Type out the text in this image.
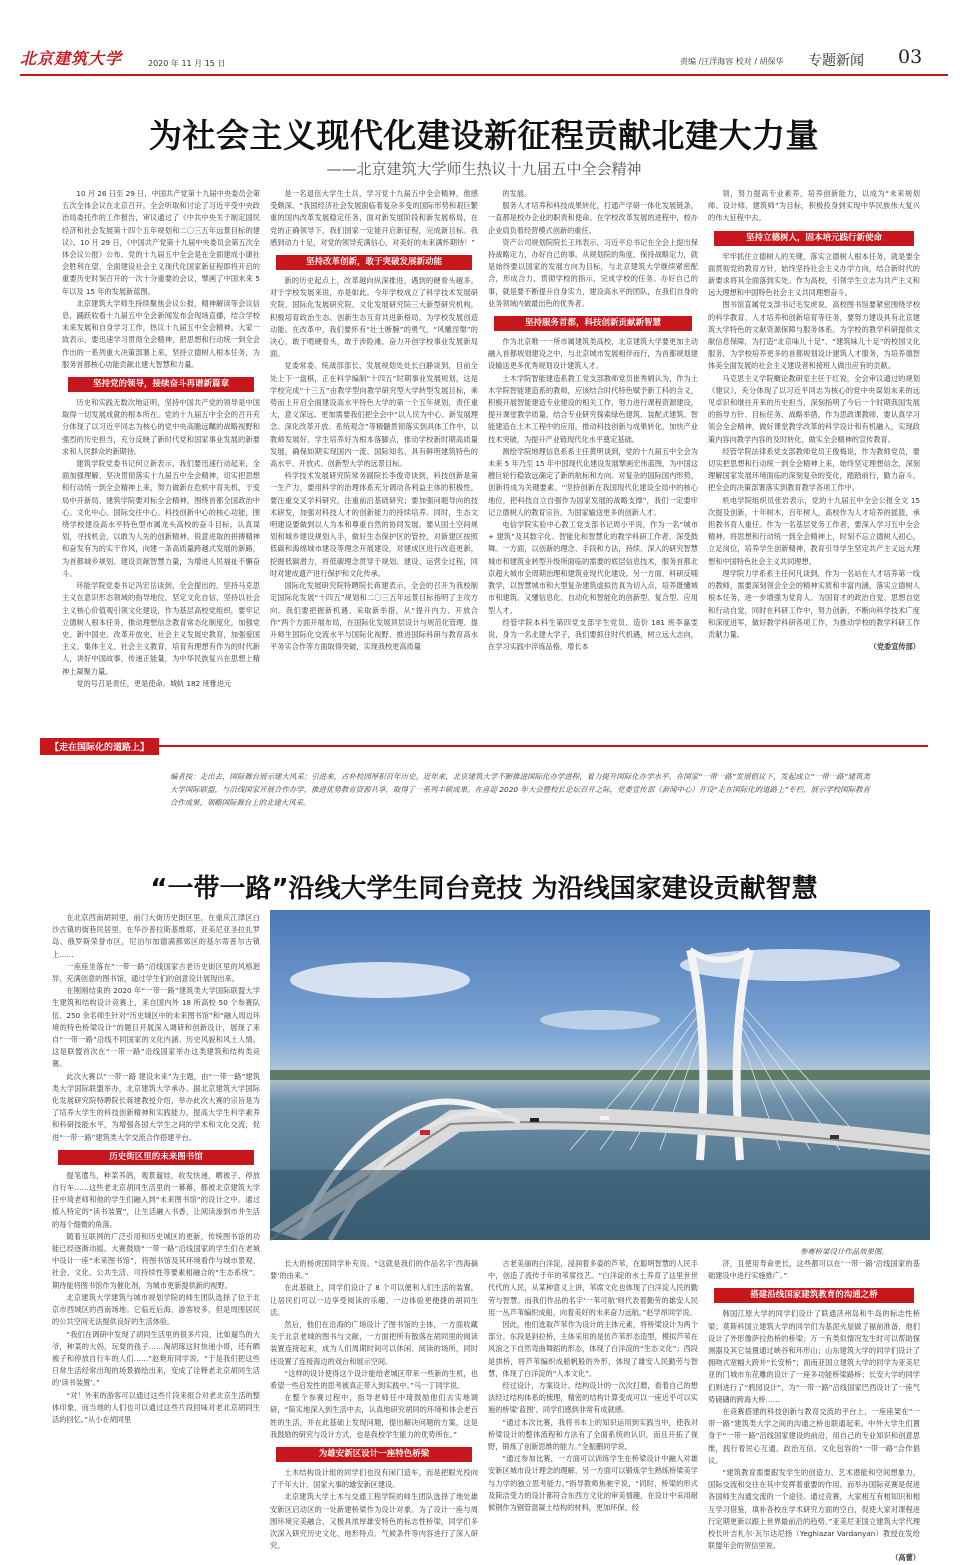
北京建筑大学	2020 年 11 月 15 日	责编 /汪洋海容 校对 / 胡保华 专题新闻 03
为社会主义现代化建设新征程贡献北建大力量
——北京建筑大学师生热议十九届五中全会精神

10 月 26 日至 29 日，中国共产党第十九届中央委员会第五次全体会议在北京召开。全会听取和讨论了习近平受中央政治局委托作的工作报告，审议通过了《中共中央关于制定国民经济和社会发展第十四个五年规划和二〇三五年远景目标的建议》。10 月 29 日，《中国共产党第十九届中央委员会第五次全体会议公报》公布。党的十九届五中全会是在全面建成小康社会胜利在望、全面建设社会主义现代化国家新征程即将开启的重要历史时刻召开的一次十分重要的会议，擘画了中国未来 5 年以及 15 年的发展新蓝图。

北京建筑大学师生持续聚焦会议公报，精神解读等会议信息，踊跃收看十九届五中全会新闻发布会现场直播，结合学校未来发展和自身学习工作，热议十九届五中全会精神。大家一致表示，要迅速学习贯彻全会精神，把思想和行动统一到全会作出的一系列重大决策部署上来，坚持立德树人根本任务，为服务首都核心功能贡献北建大智慧和力量。

坚持党的领导，接续奋斗再谱新篇章

历史和实践无数次地证明，坚持中国共产党的领导是中国取得一切发展成就的根本所在。党的十九届五中全会的召开充分体现了以习近平同志为核心的党中央高瞻远瞩的战略视野和强烈的历史担当，充分反映了新时代党和国家事业发展的新要求和人民群众的新期待。

建筑学院党委书记何立新表示，我们要迅速行动起来，全面加强理解、坚决贯彻落实十九届五中全会精神，切实把思想和行动统一到全会精神上来，努力做新在危机中育先机，于变局中开新局。建筑学院要对标全会精神，围绕首都全国政治中心、文化中心、国际交往中心、科技创新中心的核心功能，围绕学校建设高水平特色型市属龙头高校的奋斗目标，认真谋划，寻找机会，以敢为人先的创新精神，锐意进取的拼搏精神和奋发有为的实干作风，向建一条高质量跨越式发展的新路，为首都城乡规划、建设贡献智慧力量，为增进人民福祉不懈奋斗。

环能学院党委书记冯宏岳谈到，全会提出的，坚持马克思主义在意识形态领域的指导地位，坚定文化自信，坚持以社会主义核心价值观引领文化建设，作为基层高校党组织，要牢记立德树人根本任务，推动理想信念教育常态化制度化，加强党史、新中国史、改革开放史、社会主义发展史教育，加强爱国主义、集体主义、社会主义教育，培育有理想有作为的时代新人，讲好中国故事，传递正能量，为中华民族复兴在思想上精神上凝聚力量。

党的号召是责任，更是使命。城轨 182 班雅进元

是一名退伍大学生士兵，学习党十九届五中全会精神，他感受颇深。“我国经济社会发展面临着复杂多变的国际形势和艰巨繁重的国内改革发展稳定任务，面对新发展阶段和新发展格局，在党的正确领导下，我们国家一定能开启新征程，完成新目标。我感到动力十足，对党的领导充满信心，对美好的未来满怀期待！”

坚持改革创新，敢于突破发展新动能

新的历史起点上，改革越向纵深推进，遇到的硬骨头越多。对于学校发展来说，亦是如此。今年学校成立了科学技术发展研究院、国际化发展研究院、文化发展研究院三大新型研究机构，积极培育政治生态、创新生态互育共进新格局，为学校发展创造动能。在改革中，我们要怀有“壮士断腕”的勇气、“风雕涅槃”的决心，敢于啃硬骨头，敢于涉险滩，奋力开创学校事业发展新局面。

党委常委、统战部部长、发展规划处处长白静谈到，目前全处上下一盘棋，正在科学编制“十四五”时期事业发展规划，这是学校完成“十三五”由教学型向教学研究型大学转型发展目标，乘势而上开启全面建设高水平特色大学的第一个五年规划，责任重大，意义深远。更加需要我们把全会中“以人民为中心、新发展理念、深化改革开放、系统观念”等精髓贯彻落实到具体工作中，以教师发展好、学生培养好为根本落脚点，推动学校新时期高质量发展，确保如期实现国内一流、国际知名、具有鲜明建筑特色的高水平、开放式、创新型大学的远景目标。

科学技术发展研究院常务副院长李俊奇谈到，科技创新是第一生产力，要用科学的治理体系充分调动各利益主体的积极性，要注重交叉学科研究，注重前沿基础研究；要加强问题导向的技术研发，加强对科技人才的创新能力的持续培养。同时，生态文明建设要做到以人为本和尊重自然的协同发展。要从国土空间规划和城乡建设规划入手，做好生态保护区的管控，对新建区按照低碳和海绵城市建设等理念开展建设，对建成区进行改造更新，挖掘低碳潜力，将低碳理念贯穿于规划、建设、运营全过程，同时对建成遗产进行保护和文化传承。

国际化发展研究院特聘院长蒋建表示，全会的召开为我校制定国际化发展“十四五”规划和二〇三五年远景目标指明了主攻方向。我们要把握新机遇、采取新举措，从“提升内力、开放合作”两个方面开展布局，在国际化发展顶层设计与规范化管理、提升师生国际化交流水平与国际化视野、推进国际科研与教育高水平务实合作等方面取得突破，实现我校更高质量

的发展。

服务人才培养和科技成果转化，打通产学研一体化发展链条，一直都是校办企业的职责和使命。在学校改革发展的进程中，校办企业肩负着经营模式创新的重任。

资产公司规划院院长王玮表示，习近平总书记在全会上提出保持战略定力，办好自己的事。从规划院的角度，保持战略定力，就是始终要以国家的发展方向为目标，与北京建筑大学继续紧密配合，形成合力，贯彻学校的指示，完成学校的任务。办好自己的事，就是要不断提升自身实力，建设高水平的团队，在我们自身的业务领域内做最出色的优秀者。

坚持服务首都，科技创新贡献新智慧

作为北京唯一一所市属建筑类高校，北京建筑大学要更加主动融入首都规划建设之中，与北京城市发展相伴而行，为首都规划建设输送更多优秀规划设计建筑人才。

土木学院智能建造系教工党支部教师党员崔秀娟认为，作为土木学院智能建造系的教师，应该结合时代特色赋予新工科的含义，积极开展智能建造专业建设的相关工作，努力进行课程资源建设，提升课堂教学质量，结合专业研究探索绿色建筑、装配式建筑、智能建造在土木工程中的应用，推动科技创新与成果转化，加快产业技术突破，为提升产业链现代化水平奠定基础。

测绘学院地理信息系系主任黄明谈到，党的十九届五中全会为未来 5 年乃至 15 年中国现代化建设发展擘画宏伟蓝图，为中国这艘巨轮行稳致远确定了新的航标和方向。对复杂的国际国内形势，创新将成为关键要素。“坚持创新在我国现代化建设全局中的核心地位，把科技自立自强作为国家发展的战略支撑”，我们一定要牢记立德树人的教育宗旨，为国家输送更多的创新人才。

电信学院实验中心教工党支部书记周小平说，作为一名“城市 + 建筑”及其数字化、智能化和智慧化的教学科研工作者，深受鼓舞。一方面，以创新的理念、手段和方法，持续、深入的研究智慧城市和建筑业转型升级所面临的需要的底层信息技术，服务首都北京超大城市全周期治理和建筑业现代化建设。另一方面，科研反哺教学，以智慧城市和大型复杂建筑虚拟仿真为切入点，培养既懂城市和建筑、又懂信息化、自动化和智能化的创新型、复合型、应用型人才。

经管学院本科生第四党支部学生党员、造价 181 班李嘉雯说，身为一名北建大学子，我们要抓住时代机遇，树立远大志向，在学习实践中淬炼品格，增长本

领，努力提高专业素养，培养创新能力，以成为“未来规划师、设计师、建筑师”为目标，积极投身到实现中华民族伟大复兴的伟大征程中去。

坚持立德树人，固本培元践行新使命

牢牢抓住立德树人的关键，落实立德树人根本任务，就是要全面贯彻党的教育方针，始终坚持社会主义办学方向，结合新时代的新要求将其全面落到实处。作为高校，引领学生立志为共产主义和远大理想和中国特色社会主义共同理想奋斗。

图书馆直属党支部书记毛发虎说，高校图书馆要紧密围绕学校的科学教育、人才培养和创新培育等任务，要努力建设具有北京建筑大学特色的文献资源保障与服务体系。为学校的教学科研提供文献信息保障，为打造“北京味儿十足”、“建筑味儿十足”的校园文化服务，为学校培养更多的首都规划设计建筑人才服务，为培养德智体美全面发展的社会主义建设者和接班人做出应有的贡献。

马克思主义学院概论教研室主任于红说，全会审议通过的规划《建议》，充分体现了以习近平同志为核心的党中央谋划未来的远见卓识和继往开来的历史担当，深刻指明了今后一个时期我国发展的指导方针、目标任务、战略举措。作为思政课教师，要认真学习领会全会精神，做好课堂教学改革的科学设计和有机融入，实现政策内容向教学内容的及时转化，做实全会精神的宣传教育。

经管学院法律系党支部教师党员王俊梅说，作为教师党员，要切实把思想和行动统一到全会精神上来，始终坚定理想信念，深刻理解国家发展环境面临的深刻复杂的变化，踏踏前行，勤力奋斗，把全会的决策部署落实到教育教学各项工作中。

机电学院组织员张岩表示，党的十九届五中全会公报全文 15 次提及创新，十年树木，百年树人，高校作为人才培养的摇篮，承担教书育人重任。作为一名基层党务工作者，要深入学习五中全会精神，将思想和行动统一到全会精神上，时刻不忘立德树人初心，立足岗位，培养学生创新精神，教育引导学生坚定共产主义远大理想和中国特色社会主义共同理想。

理学院力学系系主任何凡谈到，作为一名站在人才培养第一线的教师，需要深刻领会全会的精神实质和丰富内涵，落实立德树人根本任务，进一步增强为党育人、为国育才的政治自觉、思想自觉和行动自觉，同时在科研工作中，努力创新，不断向科学技术广度和深度进军，做好教学科研各项工作，为推动学校的教学科研工作贡献力量。

（党委宣传部）

【走在国际化的道路上】
编者按：走出去，国际舞台展示建大风采；引进来，古朴校园厚积百年历史。近年来，北京建筑大学不断推进国际化办学进程，着力提升国际化办学水平。在国家“一带一路”发展倡议下，发起成立“一带一路”建筑类大学国际联盟，与沿线国家开展合作办学，推进优势教育资源共享，取得了一系列丰硕成果。在喜迎 2020 年大会暨校长论坛召开之际，党委宣传部（新闻中心）开设“走在国际化的道路上”专栏，展示学校国际教育合作成果，领略国际舞台上的北建大风采。
“一带一路”沿线大学生同台竞技 为沿线国家建设贡献智慧
参赛桥梁设计作品效果图。

在北京西南胡同里，前门大街历史街区里，在重庆江津区白沙古镇的街巷民居里，在华沙普拉斯基维耶，亚美尼亚圣拉扎罗岛、俄罗斯荣誉市区，尼泊尔加德满都郊区的基尔蒂普尔古镇上……

一座座坐落在“一带一路”沿线国家古老历史街区里的风格迥异、充满创意的图书馆，通过学生们的创意设计展现出来。

在刚刚结束的 2020 年“一带一路”建筑类大学国际联盟大学生建筑和结构设计竞赛上，来自国内外 18 所高校 50 个参赛队伍、250 余名师生针对“历史城区中的未来图书馆”和“融入周边环境的特色桥梁设计”的题目开展深入调研和创新设计，展现了来自“一带一路”沿线不同国家的文化内涵、历史风貌和风土人情。这是联盟首次在“一带一路”沿线国家举办这类建筑和结构类竞赛。

此次大赛以“一带一路 建设未来”为主题，由“一带一路”建筑类大学国际联盟举办，北京建筑大学承办。据北京建筑大学国际化发展研究院特聘院长蒋建教授介绍，举办此次大赛的宗旨是为了培养大学生的科技创新精神和实践能力，提高大学生科学素养和科研技能水平，为增强各国大学生之间的学术和文化交流，促进“一带一路”建筑类大学交流合作搭建平台。

历史街区里的未来图书馆

提笔遣鸟，种菜养鸽，观景遛娃，收发快递，晒被子、停放自行车……这些老北京胡同生活里的一幕幕，都被北京建筑大学任中琦老师和他的学生们融入到“未来图书馆”的设计之中。通过植入特定的“读书装置”，让生活融入书香，让阅读渗到市井生活的每个细微的角落。

随着互联网的广泛引用和历史城区的更新，传统图书馆的功能已经逐渐动摇。大赛鼓励“一带一路”沿线国家的学生们在老城中设计一座“未来图书馆”，将图书馆及其环境看作与城市景观、社会、文化、公共生活、可持续性等要素相融合的“生态系统”，期待能将图书馆作为催化剂，为城市更新提供新的视野。

北京建筑大学建筑与城市规划学院的师生团队选择了位于北京市西城区的西南场地。它临近后海、游客较多，但是周围居民的公共空间无法提供良好的生活体验。

“我们在调研中发现了胡同生活里的很多片段，比如遛鸟的大爷，种菜的大妈，玩耍的孩子……淘胡琢这时快递小哥，还有晒被子和停放自行车的人们……”赵艳珩同学说。“于是我们把这些日常生活经常出现的场景描绘出来，变成了诠释老北京胡同生活的‘读书装置’。”

“对！外来的游客可以通过这些片段来组合对老北京生活的整体印象，而当地的人们也可以通过这些片段回味对老北京胡同生活的回忆。”从小在胡同里

长大的杨虎国同学补充说。“这就是我们的作品名字‘西海摘要’的由来。”

在此基础上，同学们设计了 8 个可以便利人们生活的装置，让居民们可以一边享受阅读的乐趣，一边体验更便捷的胡同生活。

然后，他们在沿海的广场设计了图书馆的主体，一方面收藏关于北京老城的图书与文献，一方面把所有散落在胡同里的阅读装置连接起来，成为人们周期时间可以休闲、阅读的场所，同时还设置了连接海边的戏台和展示空间。

“这样的设计使得这个设计能给老城区带来一些新的生机，也希望一些启发性的思考被真正带入到实践中。”马一丁同学说。

在整个参赛过程中，指导老师任中琦鼓励他们去实地调研，“简实地深入到生活中去，认真地研究胡同的环境和体会老百姓的生活，并在此基础上发现问题，提出解决问题的方案，这是我鼓励的研究与设计方式，也是我校学生能力的优势所在。”

为雄安新区设计一座特色桥梁

土木结构设计组的同学们也没有闲门造车，而是把眼光投向了千年大计、国家大事的雄安新区建设。

北京建筑大学土木与交通工程学院的师生团队选择了地处雄安新区启动区的一处新建桥梁作为设计对象。为了设计一座与周围环境完美融合，又极具浓厚雄安特色的标志性桥梁，同学们多次深入研究历史文化、地形特点、气候条件等内容进行了深入研究。

古老美丽的白洋淀，浸润着多姿的芦苇，在聪明智慧的人民手中，创造了流传千年的苇席技艺。“白洋淀的水土养育了这里世世代代的人民，从某种意义上讲，苇席文化也体现了白洋淀人民的勤劳与智慧。而我们作品的名字‘一苇可航’则代表着勤劳的雄安人民用一丛芦苇编织成船，向着美好的未来奋力远航。”赵学昂同学说。

因此，他们选取芦苇作为设计的主体元素，将桥梁设计为两个部分。东段是斜拉桥，主体采用的是仿芦苇形态造型，模拟芦苇在风浪之下自然弯曲舞蹈的形态，体现了白洋淀的“生态文化”；西段是拱桥，将芦苇编织成船帆般的外形，体现了雄安人民勤劳与智慧，体现了白洋淀的“人本文化”。

经过设计，方案设计、结构设计的一次次打磨，看着自己的想法经过结构体系的梳理，精密的结构计算变成可以一座近乎可以实施的桥梁‘蓝图’，同学们感到非常有成就感。

“通过本次比赛，我将书本上的知识运用到实践当中，使我对桥梁设计的整体流程和方法有了全面系统的认识，而且开拓了视野，锻炼了创新思维的能力。”全振鹏同学说。

“通过参加比赛，一方面可以训练学生在桥梁设计中融入对雄安新区城市设计理念的理解，另一方面可以锻炼学生熟练桥梁美学与力学的独立思考能力。”指导教师焦驰宇说，“同时，桥梁的形式及简洁受力的设计都符合东西方文化的审美情趣，在设计中采用耐候钢作为钢管混凝土结构的材料，更加环保、经

济，且使用寿命更长，这些都可以在‘一带一路’沿线国家的基础建设中进行实施推广。”

搭建沿线国家建筑教育的沟通之桥

韩国江原大学的同学们设计了联通济州岛和牛岛的标志性桥梁；莫斯科国立建筑大学的同学们为基泥火屋做了福前准备，他们设计了外形像萨拉热桥的桥梁；万一有类似情况发生时可以帮助探测器及其它装置通过峡谷和环形山；山东建筑大学的同学们设计了拥吻式宽幅大跨并“长安桥”；面南亚国立建筑大学的同学为亚美尼亚的门城市东花雕的设计了一座多功能桥梁路桥；长安大学的同学们则进行了“鸦园设计”，为“一带一路”沿线国家巴西设计了一座气势磅礴的跨海大桥……

在竞赛搭建的科技创新与教育交流的平台上，一座座架在“一带一路”建筑类大学之间的沟通之桥也联通起来。中外大学生们置身于“一带一路”沿线国家建设的前沿，用自己的专业知识和创意思维，践行着民心互通、政治互信、文化包容的“一带一路”合作倡议。

“建筑教育需要跟发学生的创造力、艺术潜能和空间想象力，国际交流和交往在其中发挥着重要的作用。而举办国际竞赛是促进各国师生沟通交流的一个途径。通过竞赛，大家相互有相知识和相互学习借鉴，填补各校在学术研究方面的空白，促使大家对课程进行定期更新以跟上世界最前沿的趋势。”亚美尼亚国立建筑大学代理校长叶吉札尔·瓦尔达尼扬（Yeghiazar Vardanyan）教授在发给联盟年会的贺信里说。

（高蕾）
